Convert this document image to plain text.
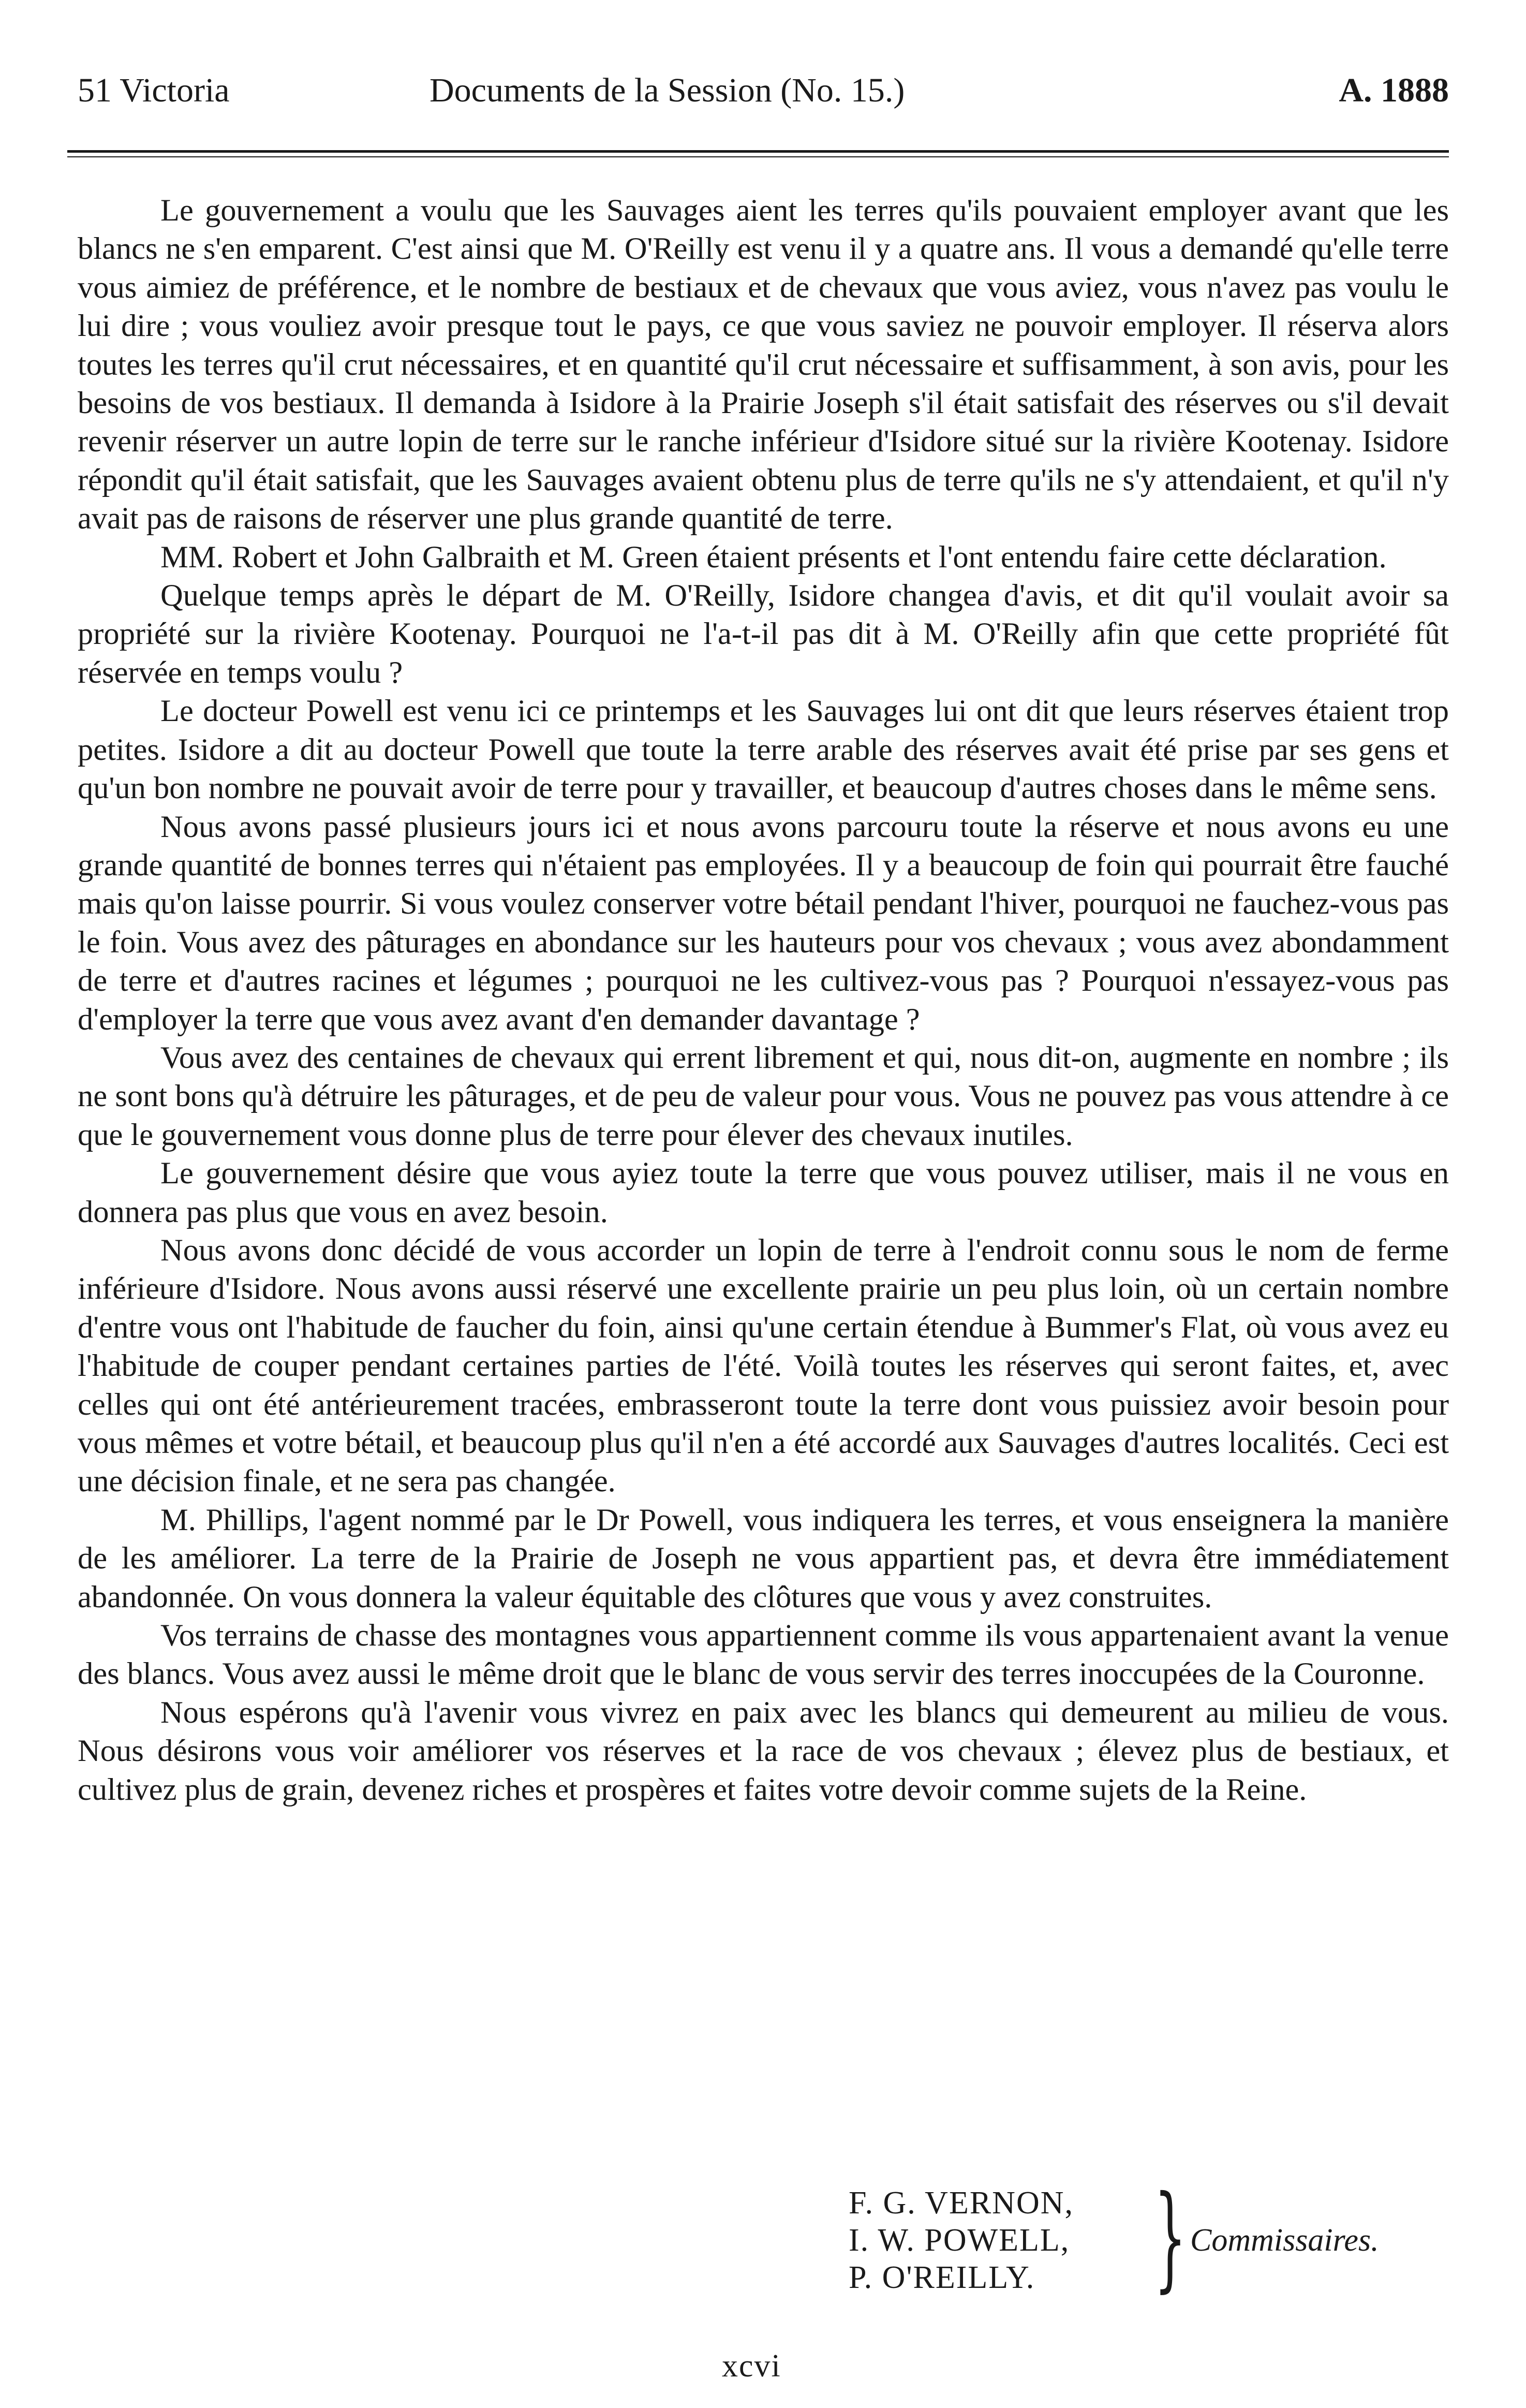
51 Victoria	Documents de la Session (No. 15.)	A. 1888

Le gouvernement a voulu que les Sauvages aient les terres qu'ils pouvaient employer avant que les blancs ne s'en emparent. C'est ainsi que M. O'Reilly est venu il y a quatre ans. Il vous a demandé qu'elle terre vous aimiez de préférence, et le nombre de bestiaux et de chevaux que vous aviez, vous n'avez pas voulu le lui dire ; vous vouliez avoir presque tout le pays, ce que vous saviez ne pouvoir employer. Il réserva alors toutes les terres qu'il crut nécessaires, et en quantité qu'il crut nécessaire et suffisamment, à son avis, pour les besoins de vos bestiaux. Il demanda à Isidore à la Prairie Joseph s'il était satisfait des réserves ou s'il devait revenir réserver un autre lopin de terre sur le ranche inférieur d'Isidore situé sur la rivière Kootenay. Isidore répondit qu'il était satisfait, que les Sauvages avaient obtenu plus de terre qu'ils ne s'y attendaient, et qu'il n'y avait pas de raisons de réserver une plus grande quantité de terre.

MM. Robert et John Galbraith et M. Green étaient présents et l'ont entendu faire cette déclaration.

Quelque temps après le départ de M. O'Reilly, Isidore changea d'avis, et dit qu'il voulait avoir sa propriété sur la rivière Kootenay. Pourquoi ne l'a-t-il pas dit à M. O'Reilly afin que cette propriété fût réservée en temps voulu ?

Le docteur Powell est venu ici ce printemps et les Sauvages lui ont dit que leurs réserves étaient trop petites. Isidore a dit au docteur Powell que toute la terre arable des réserves avait été prise par ses gens et qu'un bon nombre ne pouvait avoir de terre pour y travailler, et beaucoup d'autres choses dans le même sens.

Nous avons passé plusieurs jours ici et nous avons parcouru toute la réserve et nous avons eu une grande quantité de bonnes terres qui n'étaient pas employées. Il y a beaucoup de foin qui pourrait être fauché mais qu'on laisse pourrir. Si vous voulez conserver votre bétail pendant l'hiver, pourquoi ne fauchez-vous pas le foin. Vous avez des pâturages en abondance sur les hauteurs pour vos chevaux ; vous avez abondamment de terre et d'autres racines et légumes ; pourquoi ne les cultivez-vous pas ? Pourquoi n'essayez-vous pas d'employer la terre que vous avez avant d'en demander davantage ?

Vous avez des centaines de chevaux qui errent librement et qui, nous dit-on, augmente en nombre ; ils ne sont bons qu'à détruire les pâturages, et de peu de valeur pour vous. Vous ne pouvez pas vous attendre à ce que le gouvernement vous donne plus de terre pour élever des chevaux inutiles.

Le gouvernement désire que vous ayiez toute la terre que vous pouvez utiliser, mais il ne vous en donnera pas plus que vous en avez besoin.

Nous avons donc décidé de vous accorder un lopin de terre à l'endroit connu sous le nom de ferme inférieure d'Isidore. Nous avons aussi réservé une excellente prairie un peu plus loin, où un certain nombre d'entre vous ont l'habitude de faucher du foin, ainsi qu'une certain étendue à Bummer's Flat, où vous avez eu l'habitude de couper pendant certaines parties de l'été. Voilà toutes les réserves qui seront faites, et, avec celles qui ont été antérieurement tracées, embrasseront toute la terre dont vous puissiez avoir besoin pour vous mêmes et votre bétail, et beaucoup plus qu'il n'en a été accordé aux Sauvages d'autres localités. Ceci est une décision finale, et ne sera pas changée.

M. Phillips, l'agent nommé par le Dr Powell, vous indiquera les terres, et vous enseignera la manière de les améliorer. La terre de la Prairie de Joseph ne vous appartient pas, et devra être immédiatement abandonnée. On vous donnera la valeur équitable des clôtures que vous y avez construites.

Vos terrains de chasse des montagnes vous appartiennent comme ils vous appartenaient avant la venue des blancs. Vous avez aussi le même droit que le blanc de vous servir des terres inoccupées de la Couronne.

Nous espérons qu'à l'avenir vous vivrez en paix avec les blancs qui demeurent au milieu de vous. Nous désirons vous voir améliorer vos réserves et la race de vos chevaux ; élevez plus de bestiaux, et cultivez plus de grain, devenez riches et prospères et faites votre devoir comme sujets de la Reine.

F. G. VERNON,
I. W. POWELL,
P. O'REILLY.	} Commissaires.
xcvi
